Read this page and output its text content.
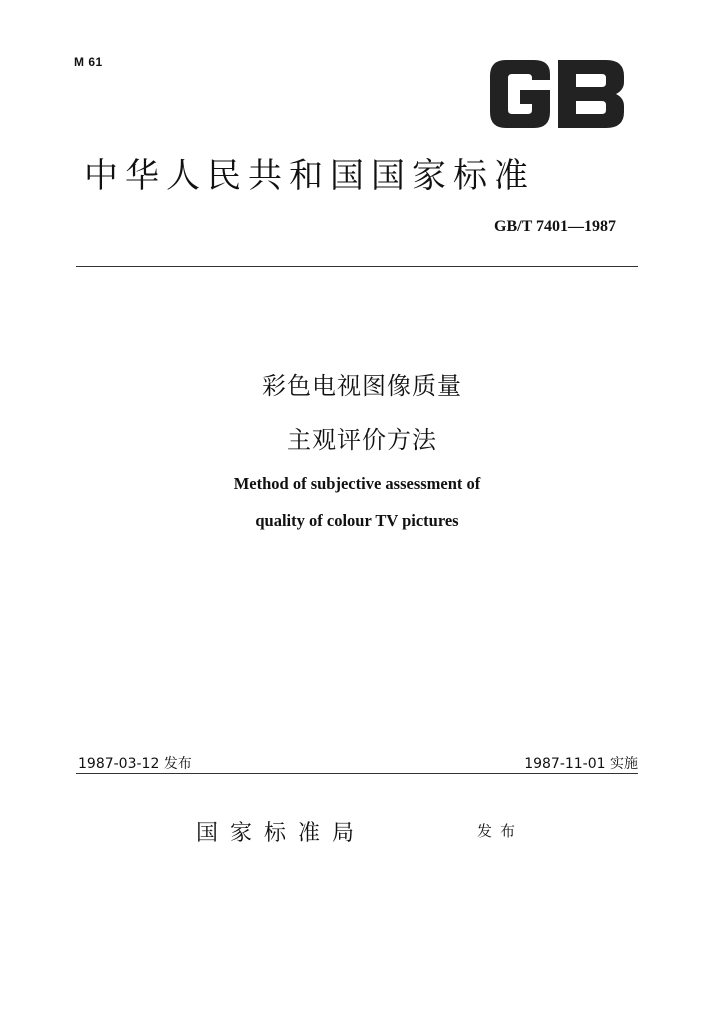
M 61
中华人民共和国国家标准
GB/T 7401—1987
彩色电视图像质量
主观评价方法
Method of subjective assessment of
quality of colour TV pictures
1987-03-12 发布	1987-11-01 实施
国家标准局	发布
